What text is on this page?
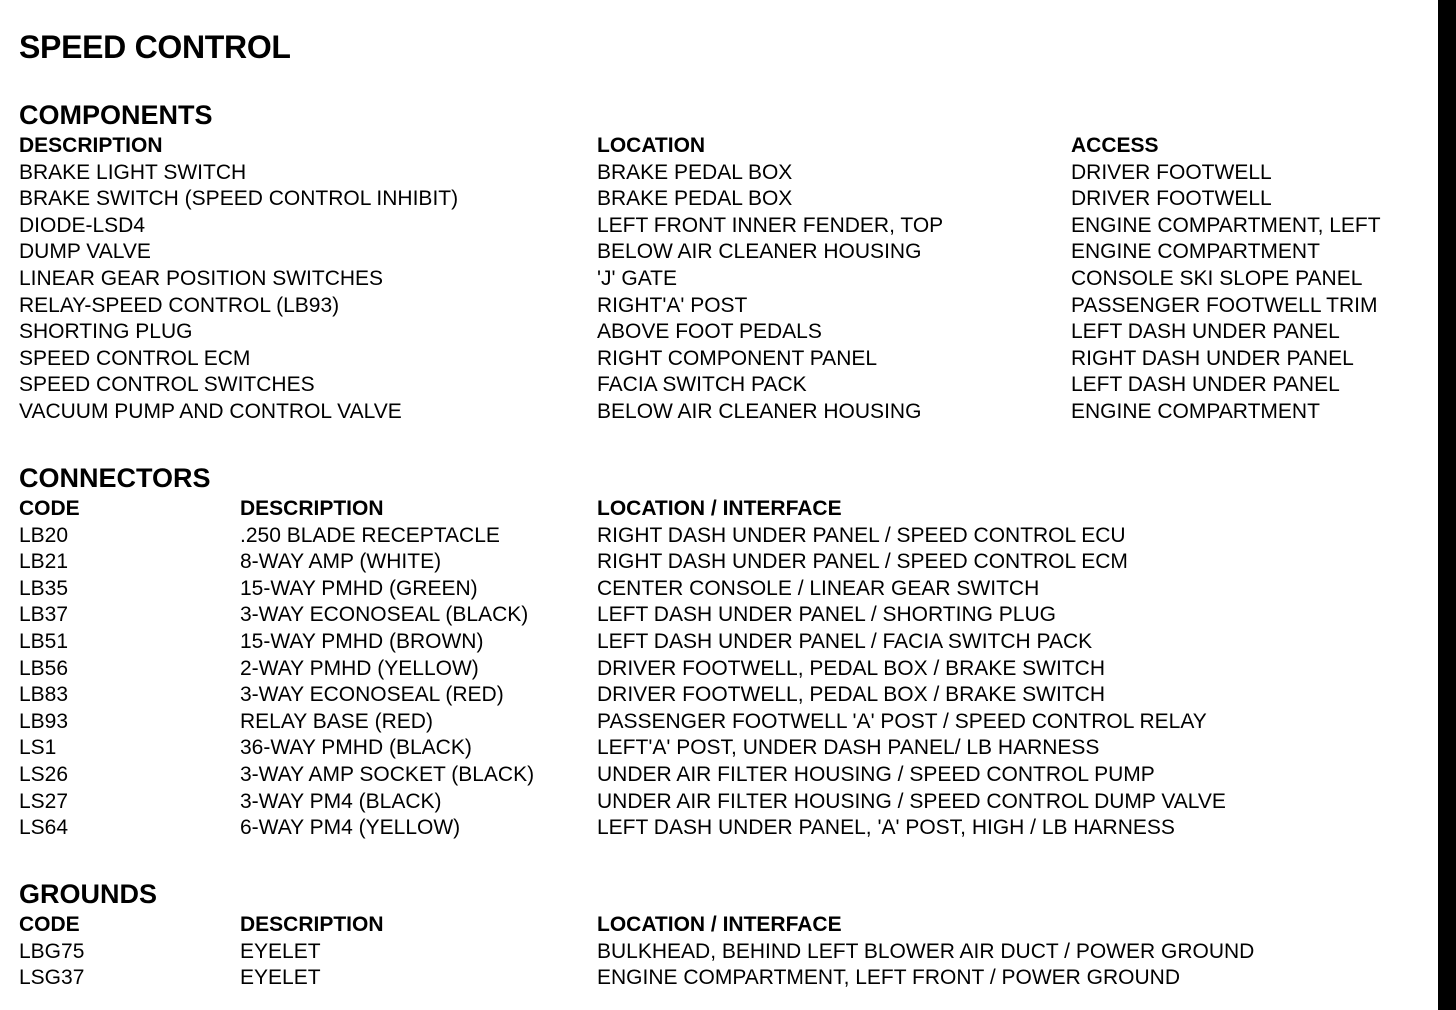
SPEED CONTROL
COMPONENTS
DESCRIPTION	LOCATION	ACCESS
BRAKE LIGHT SWITCH	BRAKE PEDAL BOX	DRIVER FOOTWELL
BRAKE SWITCH (SPEED CONTROL INHIBIT)	BRAKE PEDAL BOX	DRIVER FOOTWELL
DIODE-LSD4	LEFT FRONT INNER FENDER, TOP	ENGINE COMPARTMENT, LEFT
DUMP VALVE	BELOW AIR CLEANER HOUSING	ENGINE COMPARTMENT
LINEAR GEAR POSITION SWITCHES	'J' GATE	CONSOLE SKI SLOPE PANEL
RELAY-SPEED CONTROL (LB93)	RIGHT'A' POST	PASSENGER FOOTWELL TRIM
SHORTING PLUG	ABOVE FOOT PEDALS	LEFT DASH UNDER PANEL
SPEED CONTROL ECM	RIGHT COMPONENT PANEL	RIGHT DASH UNDER PANEL
SPEED CONTROL SWITCHES	FACIA SWITCH PACK	LEFT DASH UNDER PANEL
VACUUM PUMP AND CONTROL VALVE	BELOW AIR CLEANER HOUSING	ENGINE COMPARTMENT
CONNECTORS
CODE	DESCRIPTION	LOCATION / INTERFACE
LB20	.250 BLADE RECEPTACLE	RIGHT DASH UNDER PANEL / SPEED CONTROL ECU
LB21	8-WAY AMP (WHITE)	RIGHT DASH UNDER PANEL / SPEED CONTROL ECM
LB35	15-WAY PMHD (GREEN)	CENTER CONSOLE / LINEAR GEAR SWITCH
LB37	3-WAY ECONOSEAL (BLACK)	LEFT DASH UNDER PANEL / SHORTING PLUG
LB51	15-WAY PMHD (BROWN)	LEFT DASH UNDER PANEL / FACIA SWITCH PACK
LB56	2-WAY PMHD (YELLOW)	DRIVER FOOTWELL, PEDAL BOX / BRAKE SWITCH
LB83	3-WAY ECONOSEAL (RED)	DRIVER FOOTWELL, PEDAL BOX / BRAKE SWITCH
LB93	RELAY BASE (RED)	PASSENGER FOOTWELL 'A' POST / SPEED CONTROL RELAY
LS1	36-WAY PMHD (BLACK)	LEFT'A' POST, UNDER DASH PANEL/ LB HARNESS
LS26	3-WAY AMP SOCKET (BLACK)	UNDER AIR FILTER HOUSING / SPEED CONTROL PUMP
LS27	3-WAY PM4 (BLACK)	UNDER AIR FILTER HOUSING / SPEED CONTROL DUMP VALVE
LS64	6-WAY PM4 (YELLOW)	LEFT DASH UNDER PANEL, 'A' POST, HIGH / LB HARNESS
GROUNDS
CODE	DESCRIPTION	LOCATION / INTERFACE
LBG75	EYELET	BULKHEAD, BEHIND LEFT BLOWER AIR DUCT / POWER GROUND
LSG37	EYELET	ENGINE COMPARTMENT, LEFT FRONT / POWER GROUND
